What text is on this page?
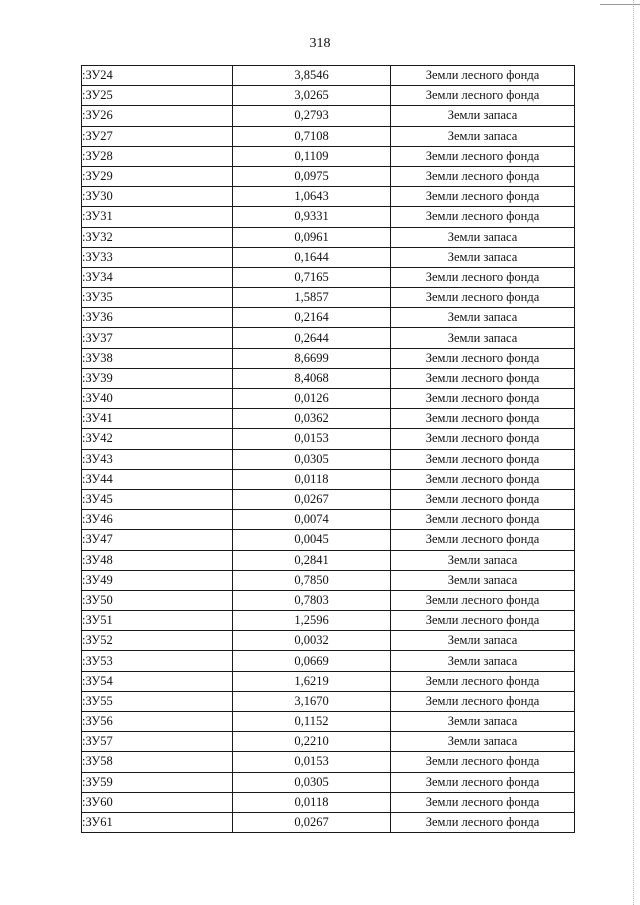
318
:ЗУ24	3,8546	Земли лесного фонда
:ЗУ25	3,0265	Земли лесного фонда
:ЗУ26	0,2793	Земли запаса
:ЗУ27	0,7108	Земли запаса
:ЗУ28	0,1109	Земли лесного фонда
:ЗУ29	0,0975	Земли лесного фонда
:ЗУ30	1,0643	Земли лесного фонда
:ЗУ31	0,9331	Земли лесного фонда
:ЗУ32	0,0961	Земли запаса
:ЗУ33	0,1644	Земли запаса
:ЗУ34	0,7165	Земли лесного фонда
:ЗУ35	1,5857	Земли лесного фонда
:ЗУ36	0,2164	Земли запаса
:ЗУ37	0,2644	Земли запаса
:ЗУ38	8,6699	Земли лесного фонда
:ЗУ39	8,4068	Земли лесного фонда
:ЗУ40	0,0126	Земли лесного фонда
:ЗУ41	0,0362	Земли лесного фонда
:ЗУ42	0,0153	Земли лесного фонда
:ЗУ43	0,0305	Земли лесного фонда
:ЗУ44	0,0118	Земли лесного фонда
:ЗУ45	0,0267	Земли лесного фонда
:ЗУ46	0,0074	Земли лесного фонда
:ЗУ47	0,0045	Земли лесного фонда
:ЗУ48	0,2841	Земли запаса
:ЗУ49	0,7850	Земли запаса
:ЗУ50	0,7803	Земли лесного фонда
:ЗУ51	1,2596	Земли лесного фонда
:ЗУ52	0,0032	Земли запаса
:ЗУ53	0,0669	Земли запаса
:ЗУ54	1,6219	Земли лесного фонда
:ЗУ55	3,1670	Земли лесного фонда
:ЗУ56	0,1152	Земли запаса
:ЗУ57	0,2210	Земли запаса
:ЗУ58	0,0153	Земли лесного фонда
:ЗУ59	0,0305	Земли лесного фонда
:ЗУ60	0,0118	Земли лесного фонда
:ЗУ61	0,0267	Земли лесного фонда
